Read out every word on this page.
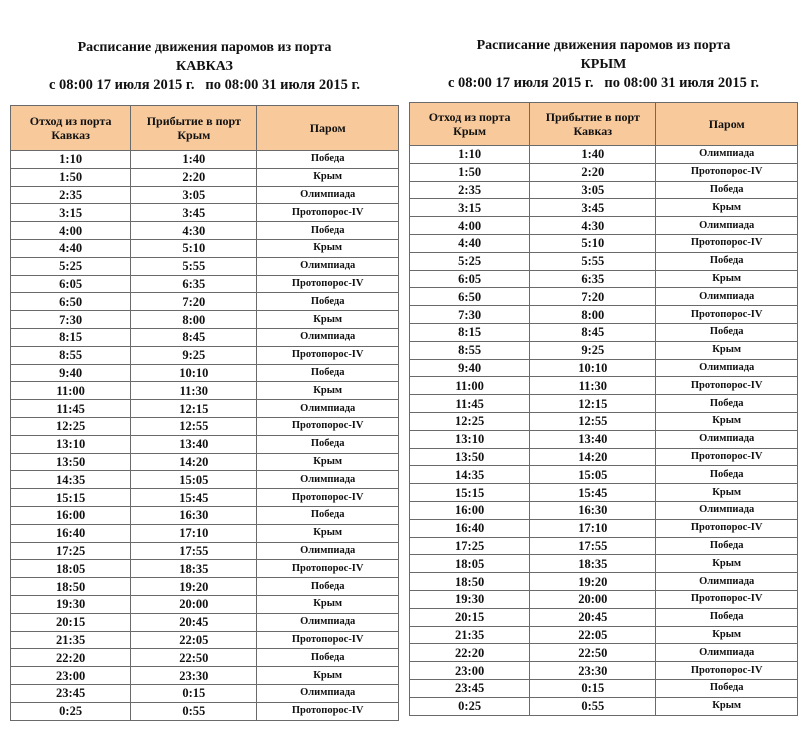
Расписание движения паромов из порта
КАВКАЗ
с 08:00 17 июля 2015 г.   по 08:00 31 июля 2015 г.
Отход из порта Кавказ	Прибытие в порт Крым	Паром
1:10	1:40	Победа
1:50	2:20	Крым
2:35	3:05	Олимпиада
3:15	3:45	Протопорос-IV
4:00	4:30	Победа
4:40	5:10	Крым
5:25	5:55	Олимпиада
6:05	6:35	Протопорос-IV
6:50	7:20	Победа
7:30	8:00	Крым
8:15	8:45	Олимпиада
8:55	9:25	Протопорос-IV
9:40	10:10	Победа
11:00	11:30	Крым
11:45	12:15	Олимпиада
12:25	12:55	Протопорос-IV
13:10	13:40	Победа
13:50	14:20	Крым
14:35	15:05	Олимпиада
15:15	15:45	Протопорос-IV
16:00	16:30	Победа
16:40	17:10	Крым
17:25	17:55	Олимпиада
18:05	18:35	Протопорос-IV
18:50	19:20	Победа
19:30	20:00	Крым
20:15	20:45	Олимпиада
21:35	22:05	Протопорос-IV
22:20	22:50	Победа
23:00	23:30	Крым
23:45	0:15	Олимпиада
0:25	0:55	Протопорос-IV
Расписание движения паромов из порта
КРЫМ
с 08:00 17 июля 2015 г.   по 08:00 31 июля 2015 г.
Отход из порта Крым	Прибытие в порт Кавказ	Паром
1:10	1:40	Олимпиада
1:50	2:20	Протопорос-IV
2:35	3:05	Победа
3:15	3:45	Крым
4:00	4:30	Олимпиада
4:40	5:10	Протопорос-IV
5:25	5:55	Победа
6:05	6:35	Крым
6:50	7:20	Олимпиада
7:30	8:00	Протопорос-IV
8:15	8:45	Победа
8:55	9:25	Крым
9:40	10:10	Олимпиада
11:00	11:30	Протопорос-IV
11:45	12:15	Победа
12:25	12:55	Крым
13:10	13:40	Олимпиада
13:50	14:20	Протопорос-IV
14:35	15:05	Победа
15:15	15:45	Крым
16:00	16:30	Олимпиада
16:40	17:10	Протопорос-IV
17:25	17:55	Победа
18:05	18:35	Крым
18:50	19:20	Олимпиада
19:30	20:00	Протопорос-IV
20:15	20:45	Победа
21:35	22:05	Крым
22:20	22:50	Олимпиада
23:00	23:30	Протопорос-IV
23:45	0:15	Победа
0:25	0:55	Крым
